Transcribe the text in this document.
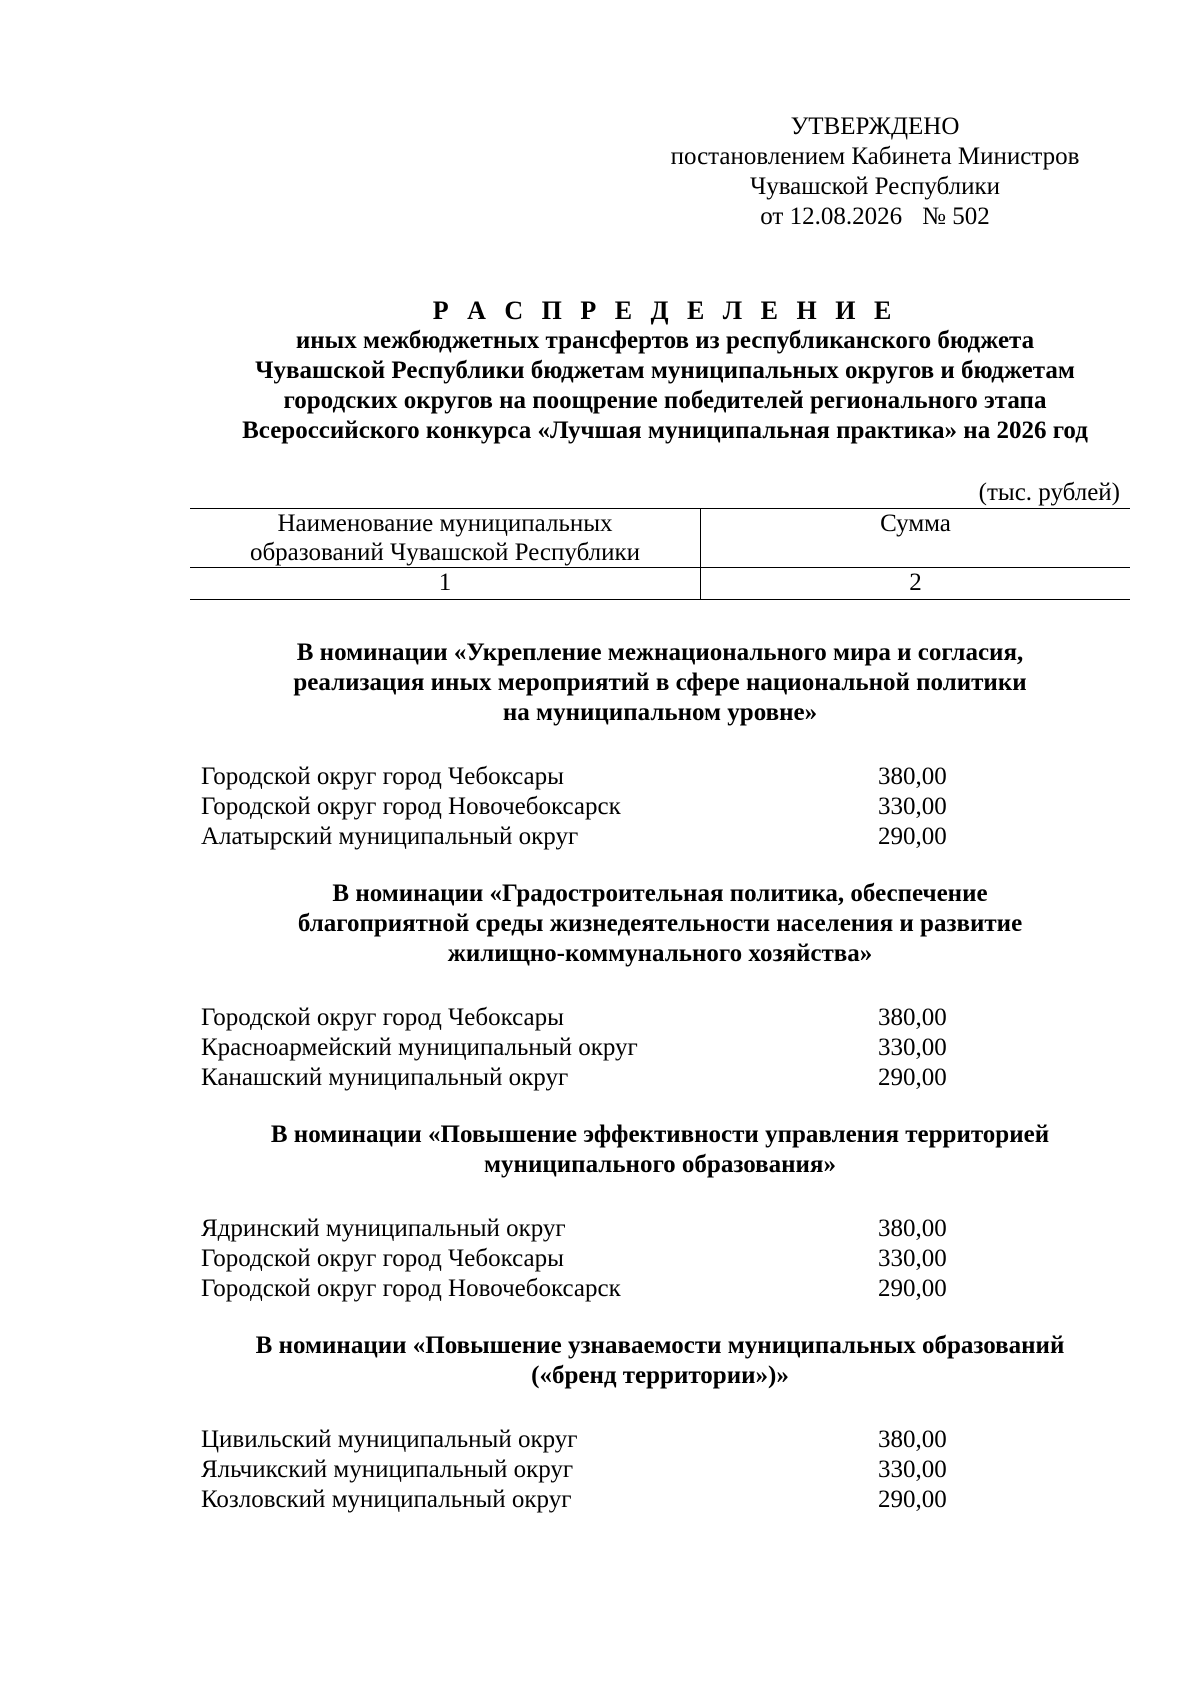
УТВЕРЖДЕНО
постановлением Кабинета Министров
Чувашской Республики
от 12.08.2026 № 502
Р А С П Р Е Д Е Л Е Н И Е
иных межбюджетных трансфертов из республиканского бюджета
Чувашской Республики бюджетам муниципальных округов и бюджетам
городских округов на поощрение победителей регионального этапа
Всероссийского конкурса «Лучшая муниципальная практика» на 2026 год
(тыс. рублей)
Наименование муниципальных
образований Чувашской Республики	Сумма
1	2
В номинации «Укрепление межнационального мира и согласия,
реализация иных мероприятий в сфере национальной политики
на муниципальном уровне»
Городской округ город Чебоксары	380,00
Городской округ город Новочебоксарск	330,00
Алатырский муниципальный округ	290,00
В номинации «Градостроительная политика, обеспечение
благоприятной среды жизнедеятельности населения и развитие
жилищно-коммунального хозяйства»
Городской округ город Чебоксары	380,00
Красноармейский муниципальный округ	330,00
Канашский муниципальный округ	290,00
В номинации «Повышение эффективности управления территорией
муниципального образования»
Ядринский муниципальный округ	380,00
Городской округ город Чебоксары	330,00
Городской округ город Новочебоксарск	290,00
В номинации «Повышение узнаваемости муниципальных образований
(«бренд территории»)»
Цивильский муниципальный округ	380,00
Яльчикский муниципальный округ	330,00
Козловский муниципальный округ	290,00
